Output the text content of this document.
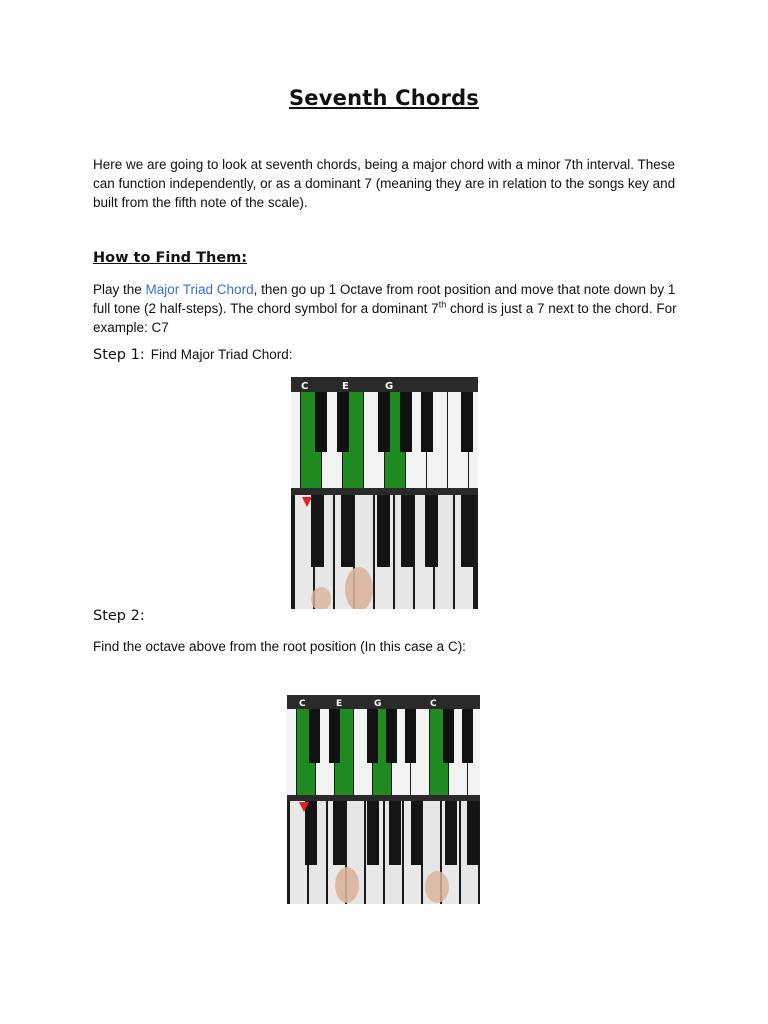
Seventh Chords
Here we are going to look at seventh chords, being a major chord with a minor 7th interval. These can function independently, or as a dominant 7 (meaning they are in relation to the songs key and built from the fifth note of the scale).
How to Find Them:
Play the Major Triad Chord, then go up 1 Octave from root position and move that note down by 1 full tone (2 half-steps). The chord symbol for a dominant 7th chord is just a 7 next to the chord. For example: C7
Step 1: Find Major Triad Chord:
C	E	G
Step 2:
Find the octave above from the root position (In this case a C):
C	E	G	C
